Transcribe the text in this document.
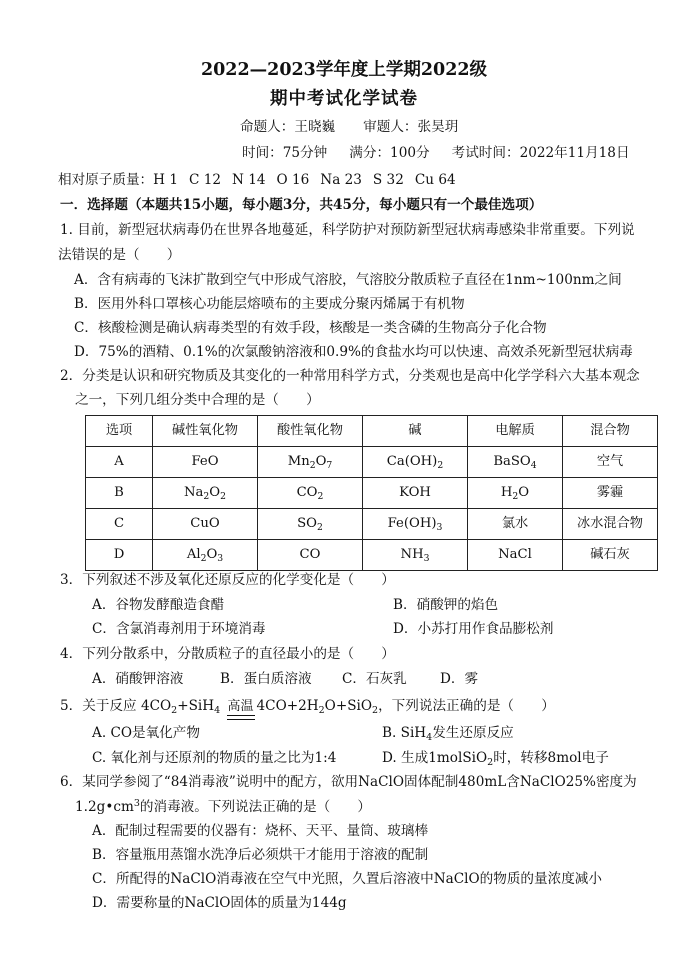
2022—2023学年度上学期2022级
期中考试化学试卷
命题人：王晓巍 审题人：张昊玥
时间：75分钟 满分：100分 考试时间：2022年11月18日
相对原子质量：H 1 C 12 N 14 O 16 Na 23 S 32 Cu 64
一．选择题（本题共15小题，每小题3分，共45分，每小题只有一个最佳选项）
1. 目前，新型冠状病毒仍在世界各地蔓延，科学防护对预防新型冠状病毒感染非常重要。下列说
法错误的是（　　）
A．含有病毒的飞沫扩散到空气中形成气溶胶，气溶胶分散质粒子直径在1nm~100nm之间
B．医用外科口罩核心功能层熔喷布的主要成分聚丙烯属于有机物
C．核酸检测是确认病毒类型的有效手段，核酸是一类含磷的生物高分子化合物
D．75%的酒精、0.1%的次氯酸钠溶液和0.9%的食盐水均可以快速、高效杀死新型冠状病毒
2．分类是认识和研究物质及其变化的一种常用科学方式，分类观也是高中化学学科六大基本观念
之一，下列几组分类中合理的是（　　）
选项	碱性氧化物	酸性氧化物	碱	电解质	混合物
A	FeO	$Mn_2O_7$	$Ca(OH)_2$	BaSO$_4$	空气
B	$Na_2O_2$	$CO_2$	KOH	$H_2O$	雾霾
C	CuO	$SO_2$	$Fe(OH)_3$	氯水	冰水混合物
D	$Al_2O_3$	CO	$NH_3$	NaCl	碱石灰
3．下列叙述不涉及氧化还原反应的化学变化是（　　）
A．谷物发酵酿造食醋	B．硝酸钾的焰色
C．含氯消毒剂用于环境消毒	D．小苏打用作食品膨松剂
4．下列分散系中，分散质粒子的直径最小的是（　　）
A．硝酸钾溶液	B．蛋白质溶液 C．石灰乳 D．雾
5．关于反应 $4CO_2+SiH_4$ 高温 $4CO+2H_2O+SiO_2$，下列说法正确的是（　　）
A. CO是氧化产物	B. SiH$_4$发生还原反应
C. 氧化剂与还原剂的物质的量之比为1:4	D. 生成1molSiO$_2$时，转移8mol电子
6．某同学参阅了“84消毒液”说明中的配方，欲用NaClO固体配制480mL含NaClO25%密度为
$1.2g•cm^3$的消毒液。下列说法正确的是（　　）
A．配制过程需要的仪器有：烧杯、天平、量筒、玻璃棒
B．容量瓶用蒸馏水洗净后必须烘干才能用于溶液的配制
C．所配得的NaClO消毒液在空气中光照，久置后溶液中NaClO的物质的量浓度减小
D．需要称量的NaClO固体的质量为144g
